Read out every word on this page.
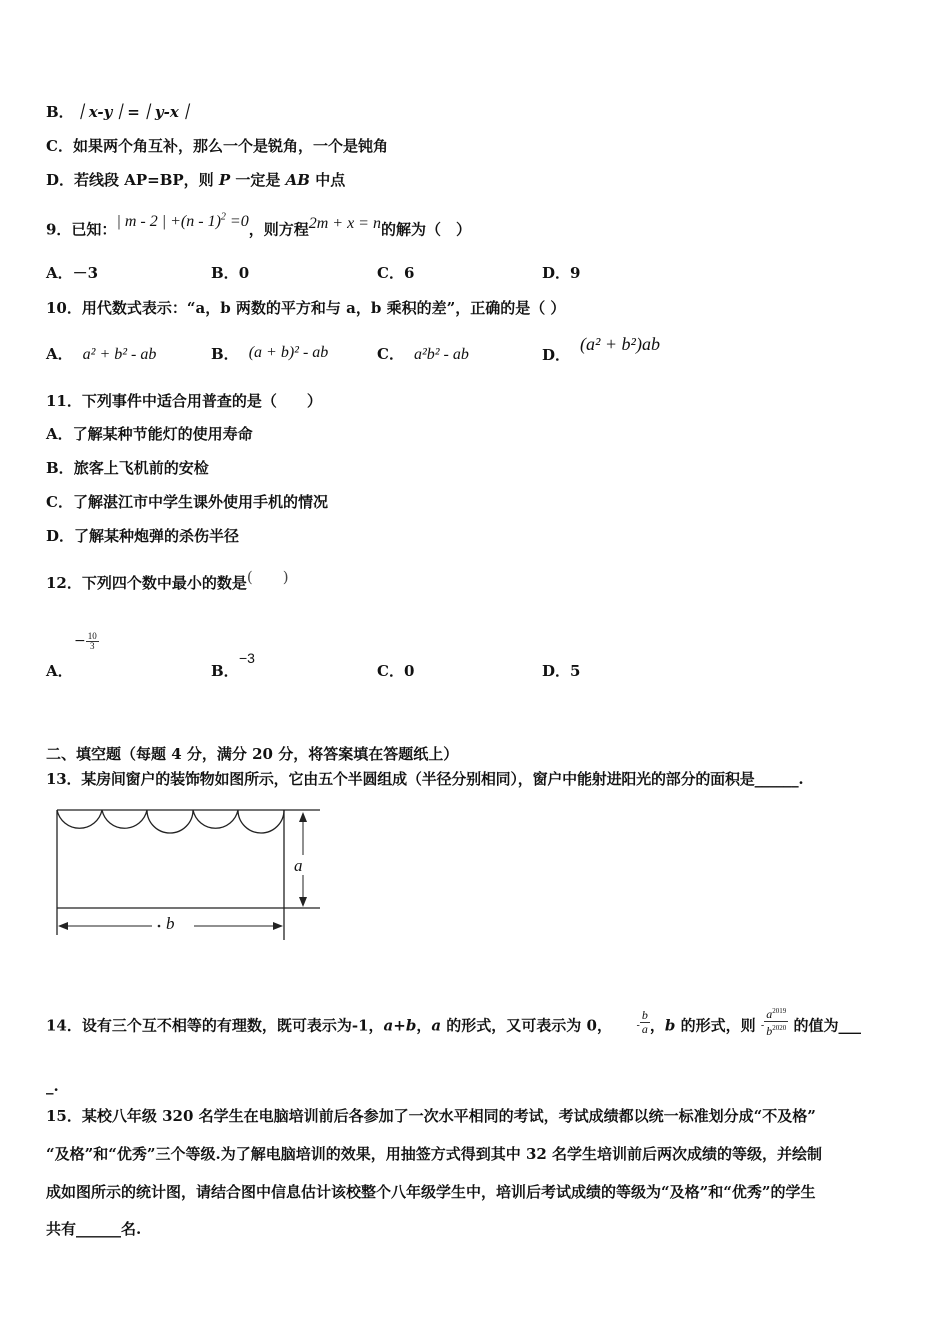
B．｜x-y｜=｜y-x｜
C．如果两个角互补，那么一个是锐角，一个是钝角
D．若线段 AP=BP，则 P 一定是 AB 中点
9．已知：| m - 2 | +(n - 1)$^2$ =0，则方程2m + x = n的解为（　）
A．－3	B．0	C．6	D．9
10．用代数式表示：“a，b 两数的平方和与 a，b 乘积的差”，正确的是（ ）
A． a² + b² - ab	B． (a + b)² - ab	C． a²b² - ab	D．(a² + b²)ab
11．下列事件中适合用普查的是（　　）
A．了解某种节能灯的使用寿命
B．旅客上飞机前的安检
C．了解湛江市中学生课外使用手机的情况
D．了解某种炮弹的杀伤半径
12．下列四个数中最小的数是(　　)
− $\frac{10}{3}$
A．
−3
B．	C．0	D．5
二、填空题（每题 4 分，满分 20 分，将答案填在答题纸上）
13．某房间窗户的装饰物如图所示，它由五个半圆组成（半径分别相同），窗户中能射进阳光的部分的面积是______.
a
b
14．设有三个互不相等的有理数，既可表示为-1，a+b，a 的形式，又可表示为 0， - $\frac{b}{a}$ ，b 的形式，则 - $\frac{a^{2019}}{b^{2020}}$ 的值为___
_.
15．某校八年级 320 名学生在电脑培训前后各参加了一次水平相同的考试，考试成绩都以统一标准划分成“不及格”
“及格”和“优秀”三个等级.为了解电脑培训的效果，用抽签方式得到其中 32 名学生培训前后两次成绩的等级，并绘制
成如图所示的统计图，请结合图中信息估计该校整个八年级学生中，培训后考试成绩的等级为“及格”和“优秀”的学生
共有______名.
